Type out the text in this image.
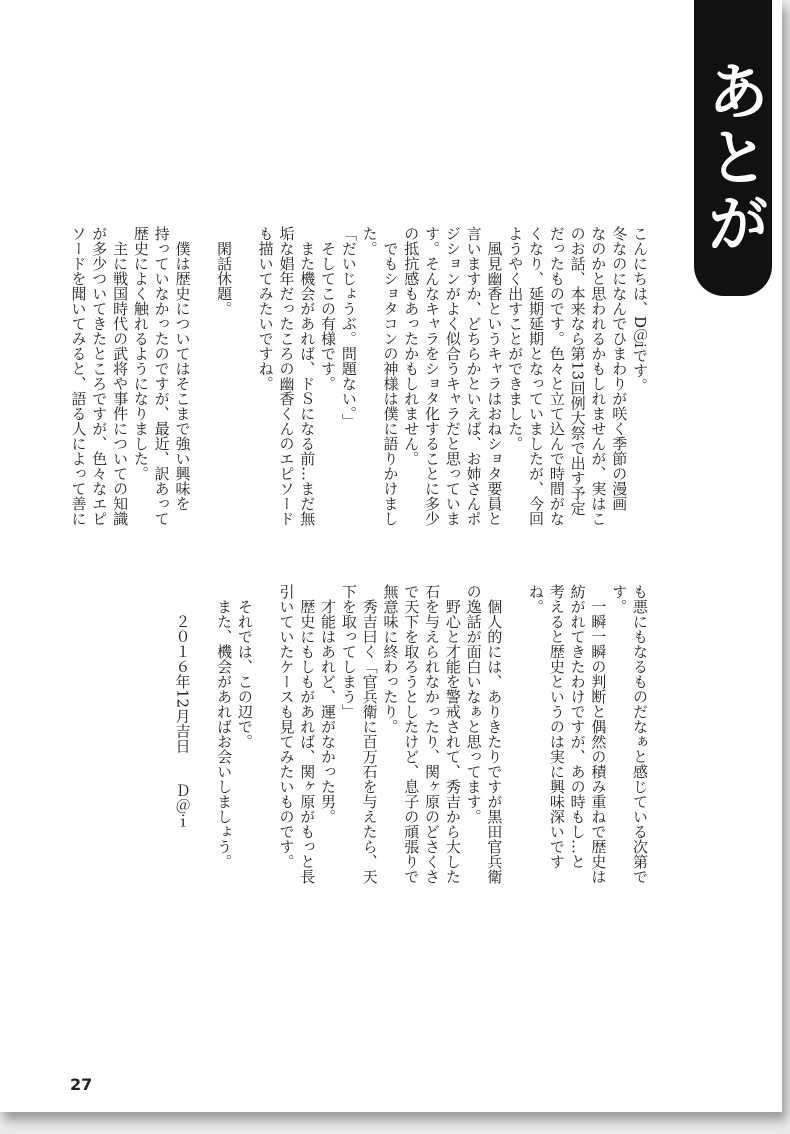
あとがき
こんにちは、D＠iです。
冬なのになんでひまわりが咲く季節の漫画
なのかと思われるかもしれませんが、実はこ
のお話、本来なら第13回例大祭で出す予定
だったものです。色々と立て込んで時間がな
くなり、延期延期となっていましたが、今回
ようやく出すことができました。
　風見幽香というキャラはおねショタ要員と
言いますか、どちらかといえば、お姉さんポ
ジションがよく似合うキャラだと思っていま
す。そんなキャラをショタ化することに多少
の抵抗感もあったかもしれません。
　でもショタコンの神様は僕に語りかけまし
た。
「だいじょうぶ。問題ない。」
　そしてこの有様です。
　また機会があれば、ドＳになる前…まだ無
垢な娼年だったころの幽香くんのエピソード
も描いてみたいですね。

　閑話休題。

　僕は歴史についてはそこまで強い興味を
持っていなかったのですが、最近、訳あって
歴史によく触れるようになりました。
　主に戦国時代の武将や事件についての知識
が多少ついてきたところですが、色々なエピ
ソードを聞いてみると、語る人によって善に
も悪にもなるものだなぁと感じている次第で
す。
　一瞬一瞬の判断と偶然の積み重ねで歴史は
紡がれてきたわけですが、あの時もし…と
考えると歴史というのは実に興味深いです
ね。

　個人的には、ありきたりですが黒田官兵衛
の逸話が面白いなぁと思ってます。
　野心と才能を警戒されて、秀吉から大した
石を与えられなかったり、関ヶ原のどさくさ
で天下を取ろうとしたけど、息子の頑張りで
無意味に終わったり。
　秀吉曰く「官兵衛に百万石を与えたら、天
下を取ってしまう」
　才能はあれど、運がなかった男。
　歴史にもしもがあれば、関ヶ原がもっと長
引いていたケースも見てみたいものです。

　それでは、この辺で。
　また、機会があればお会いしましょう。

　　２０１６年12月吉日　　Ｄ＠ｉ
27
